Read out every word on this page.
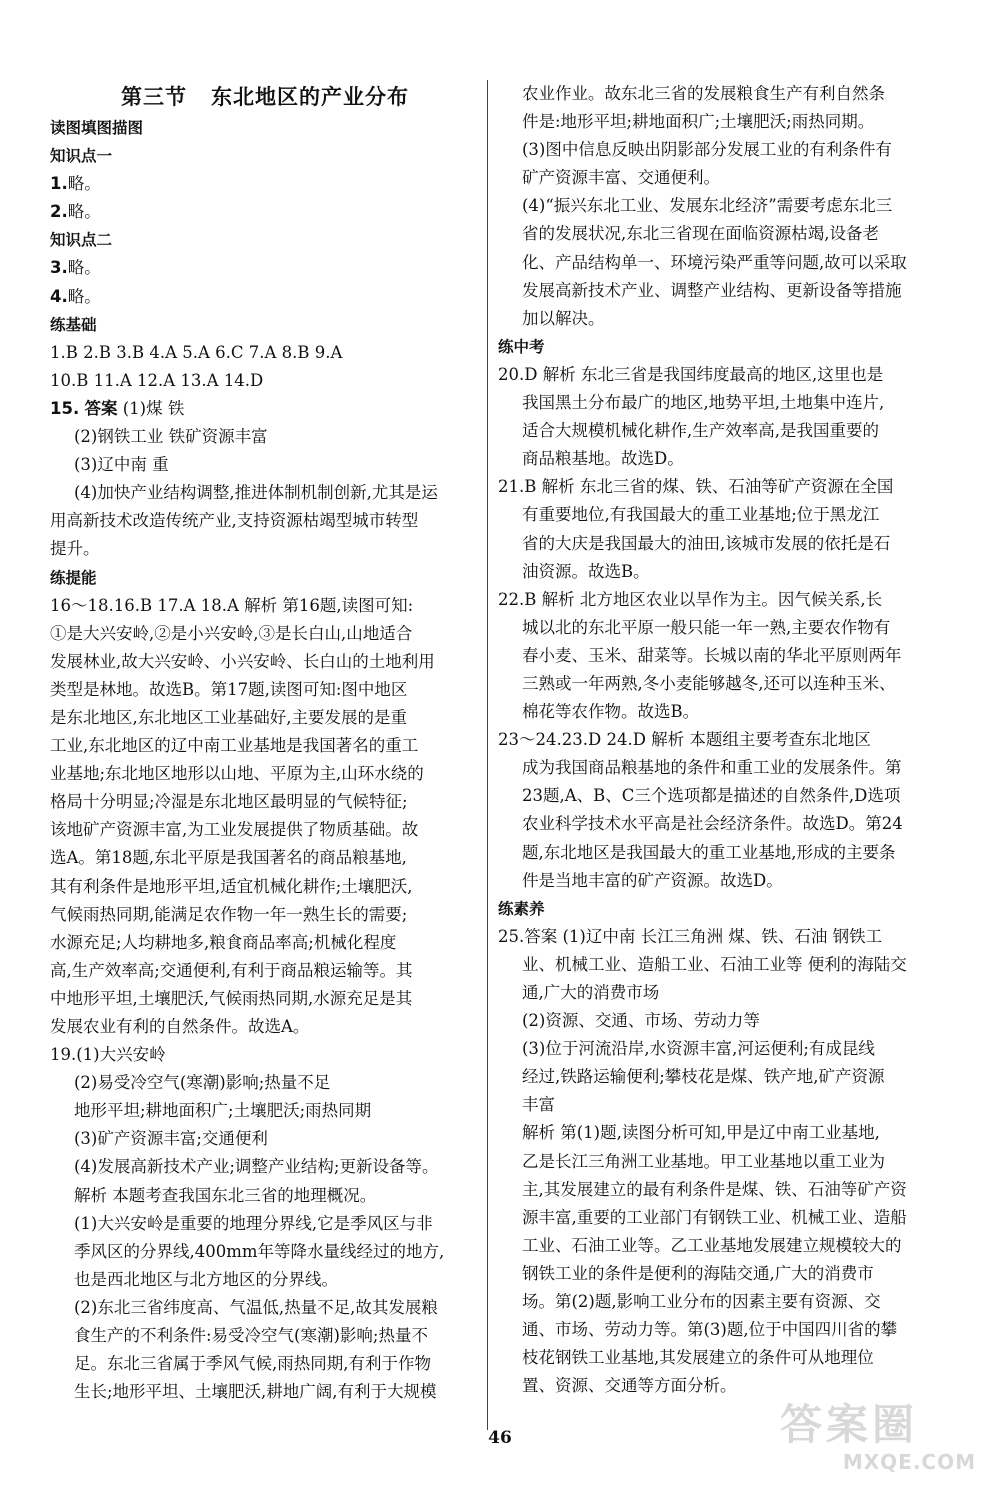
第三节 东北地区的产业分布
读图填图描图
知识点一
1.略。
2.略。
知识点二
3.略。
4.略。
练基础
1.B 2.B 3.B 4.A 5.A 6.C 7.A 8.B 9.A
10.B 11.A 12.A 13.A 14.D
15. 答案 (1)煤 铁
(2)钢铁工业 铁矿资源丰富
(3)辽中南 重
(4)加快产业结构调整,推进体制机制创新,尤其是运
用高新技术改造传统产业,支持资源枯竭型城市转型
提升。
练提能
16～18.16.B 17.A 18.A 解析 第16题,读图可知:
①是大兴安岭,②是小兴安岭,③是长白山,山地适合
发展林业,故大兴安岭、小兴安岭、长白山的土地利用
类型是林地。故选B。第17题,读图可知:图中地区
是东北地区,东北地区工业基础好,主要发展的是重
工业,东北地区的辽中南工业基地是我国著名的重工
业基地;东北地区地形以山地、平原为主,山环水绕的
格局十分明显;冷湿是东北地区最明显的气候特征;
该地矿产资源丰富,为工业发展提供了物质基础。故
选A。第18题,东北平原是我国著名的商品粮基地,
其有利条件是地形平坦,适宜机械化耕作;土壤肥沃,
气候雨热同期,能满足农作物一年一熟生长的需要;
水源充足;人均耕地多,粮食商品率高;机械化程度
高,生产效率高;交通便利,有利于商品粮运输等。其
中地形平坦,土壤肥沃,气候雨热同期,水源充足是其
发展农业有利的自然条件。故选A。
19.(1)大兴安岭
(2)易受冷空气(寒潮)影响;热量不足
地形平坦;耕地面积广;土壤肥沃;雨热同期
(3)矿产资源丰富;交通便利
(4)发展高新技术产业;调整产业结构;更新设备等。
解析 本题考查我国东北三省的地理概况。
(1)大兴安岭是重要的地理分界线,它是季风区与非
季风区的分界线,400mm年等降水量线经过的地方,
也是西北地区与北方地区的分界线。
(2)东北三省纬度高、气温低,热量不足,故其发展粮
食生产的不利条件:易受冷空气(寒潮)影响;热量不
足。东北三省属于季风气候,雨热同期,有利于作物
生长;地形平坦、土壤肥沃,耕地广阔,有利于大规模
农业作业。故东北三省的发展粮食生产有利自然条
件是:地形平坦;耕地面积广;土壤肥沃;雨热同期。
(3)图中信息反映出阴影部分发展工业的有利条件有
矿产资源丰富、交通便利。
(4)“振兴东北工业、发展东北经济”需要考虑东北三
省的发展状况,东北三省现在面临资源枯竭,设备老
化、产品结构单一、环境污染严重等问题,故可以采取
发展高新技术产业、调整产业结构、更新设备等措施
加以解决。
练中考
20.D 解析 东北三省是我国纬度最高的地区,这里也是
我国黑土分布最广的地区,地势平坦,土地集中连片,
适合大规模机械化耕作,生产效率高,是我国重要的
商品粮基地。故选D。
21.B 解析 东北三省的煤、铁、石油等矿产资源在全国
有重要地位,有我国最大的重工业基地;位于黑龙江
省的大庆是我国最大的油田,该城市发展的依托是石
油资源。故选B。
22.B 解析 北方地区农业以旱作为主。因气候关系,长
城以北的东北平原一般只能一年一熟,主要农作物有
春小麦、玉米、甜菜等。长城以南的华北平原则两年
三熟或一年两熟,冬小麦能够越冬,还可以连种玉米、
棉花等农作物。故选B。
23～24.23.D 24.D 解析 本题组主要考查东北地区
成为我国商品粮基地的条件和重工业的发展条件。第
23题,A、B、C三个选项都是描述的自然条件,D选项
农业科学技术水平高是社会经济条件。故选D。第24
题,东北地区是我国最大的重工业基地,形成的主要条
件是当地丰富的矿产资源。故选D。
练素养
25.答案 (1)辽中南 长江三角洲 煤、铁、石油 钢铁工
业、机械工业、造船工业、石油工业等 便利的海陆交
通,广大的消费市场
(2)资源、交通、市场、劳动力等
(3)位于河流沿岸,水资源丰富,河运便利;有成昆线
经过,铁路运输便利;攀枝花是煤、铁产地,矿产资源
丰富
解析 第(1)题,读图分析可知,甲是辽中南工业基地,
乙是长江三角洲工业基地。甲工业基地以重工业为
主,其发展建立的最有利条件是煤、铁、石油等矿产资
源丰富,重要的工业部门有钢铁工业、机械工业、造船
工业、石油工业等。乙工业基地发展建立规模较大的
钢铁工业的条件是便利的海陆交通,广大的消费市
场。第(2)题,影响工业分布的因素主要有资源、交
通、市场、劳动力等。第(3)题,位于中国四川省的攀
枝花钢铁工业基地,其发展建立的条件可从地理位
置、资源、交通等方面分析。
46	答案圈
MXQE.COM
